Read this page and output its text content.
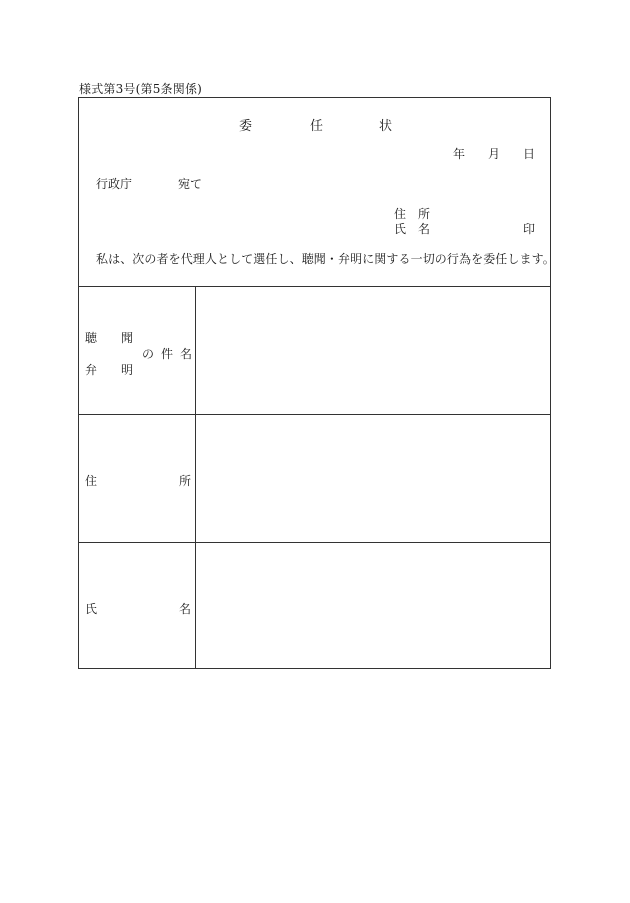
様式第3号(第5条関係)
委	任	状
年 月 日
行政庁	宛て
住 所
氏 名	印
私は、次の者を代理人として選任し、聴聞・弁明に関する一切の行為を委任します。
聴 聞
の 件 名
弁 明
住	所
氏	名
